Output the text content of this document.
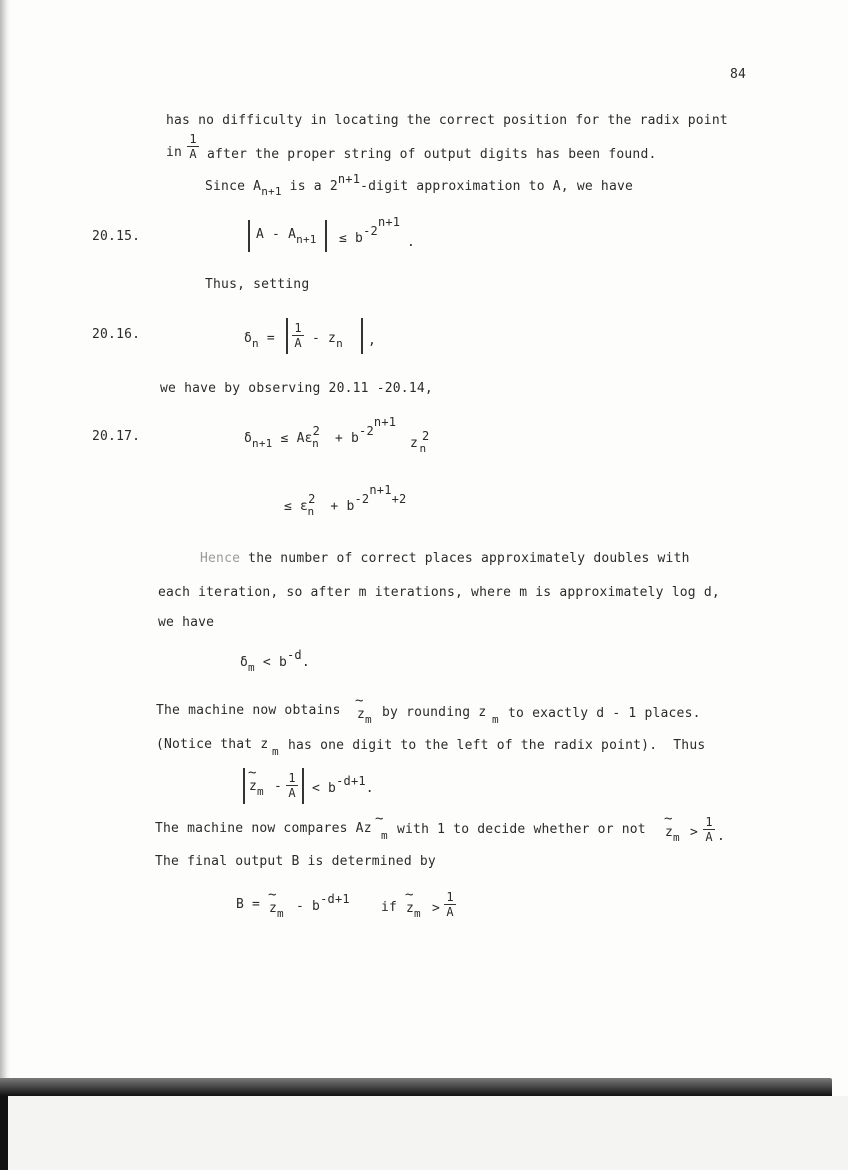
84
has no difficulty in locating the correct position for the radix point
in
1
A after the proper string of output digits has been found.
Since $A_{n+1}$ is a 2n+1-digit approximation to A, we have
20.15.	$A - A_{n+1} \le b-2n+1$
.
Thus, setting
20.16.	$\delta_n$ =
1
A - $z_n$ ,
we have by observing 20.11 -20.14,
20.17.	$\delta_{n+1} \le A\varepsilon 2_n + b-2n+1$
z $2_n$
≤ $\varepsilon 2_n + b-2n+1+2$
Hence the number of correct places approximately doubles with
each iteration, so after m iterations, where m is approximately log d,
we have
$\delta_m < b-d$.
The machine now obtains
~
$z_m$ by rounding z m to exactly d - 1 places.
(Notice that z m has one digit to the left of the radix point).  Thus
~
$z_m$ -
1
A < b-d+1.
The machine now compares Az
~
m with 1 to decide whether or not
~
$z_m$ >
1
A .
The final output B is determined by
B =
~
$z_m - b-d+1$
if
~
$z_m$ >
1
A
